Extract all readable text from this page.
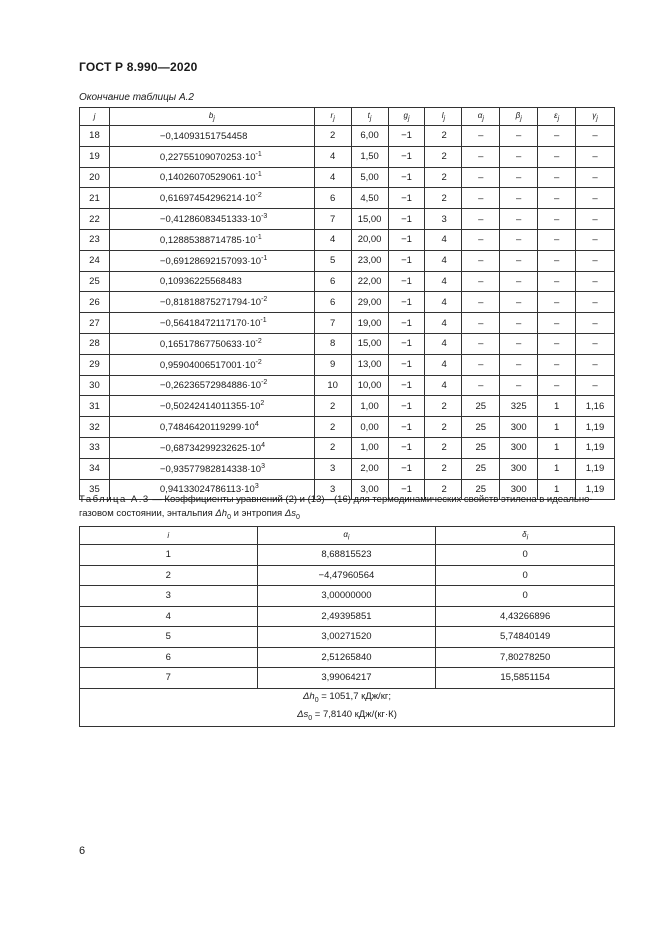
ГОСТ Р 8.990—2020
Окончание таблицы А.2
j	$b_j$	$r_j$	$t_j$	$g_j$	$l_j$	$\alpha_j$	$\beta_j$	$\varepsilon_j$	$\gamma_j$
18	−0,14093151754458	2	6,00	−1	2	–	–	–	–
19	$0,22755109070253\cdot 10^{-1}$	4	1,50	−1	2	–	–	–	–
20	$0,14026070529061\cdot 10^{-1}$	4	5,00	−1	2	–	–	–	–
21	$0,61697454296214\cdot 10^{-2}$	6	4,50	−1	2	–	–	–	–
22	$-0,41286083451333\cdot 10^{-3}$	7	15,00	−1	3	–	–	–	–
23	$0,12885388714785\cdot 10^{-1}$	4	20,00	−1	4	–	–	–	–
24	$-0,69128692157093\cdot 10^{-1}$	5	23,00	−1	4	–	–	–	–
25	0,10936225568483	6	22,00	−1	4	–	–	–	–
26	$-0,81818875271794\cdot 10^{-2}$	6	29,00	−1	4	–	–	–	–
27	$-0,56418472117170\cdot 10^{-1}$	7	19,00	−1	4	–	–	–	–
28	$0,16517867750633\cdot 10^{-2}$	8	15,00	−1	4	–	–	–	–
29	$0,95904006517001\cdot 10^{-2}$	9	13,00	−1	4	–	–	–	–
30	$-0,26236572984886\cdot 10^{-2}$	10	10,00	−1	4	–	–	–	–
31	$-0,50242414011355\cdot 10^2$	2	1,00	−1	2	25	325	1	1,16
32	$0,74846420119299\cdot 10^4$	2	0,00	−1	2	25	300	1	1,19
33	$-0,68734299232625\cdot 10^4$	2	1,00	−1	2	25	300	1	1,19
34	$-0,93577982814338\cdot 10^3$	3	2,00	−1	2	25	300	1	1,19
35	$0,94133024786113\cdot 10^3$	3	3,00	−1	2	25	300	1	1,19
Таблица А.3 — Коэффициенты уравнений (2) и (13)—(16) для термодинамических свойств этилена в идеально-газовом состоянии, энтальпия $\Delta h_0$ и энтропия $\Delta s_0$
i	$\alpha_i$	$\delta_i$
1	8,68815523	0
2	−4,47960564	0
3	3,00000000	0
4	2,49395851	4,43266896
5	3,00271520	5,74840149
6	2,51265840	7,80278250
7	3,99064217	15,5851154

$\Delta h_0 = 1051,7$ кДж/кг;
$\Delta s_0 = 7,8140$ кДж/(кг·К)		
6
